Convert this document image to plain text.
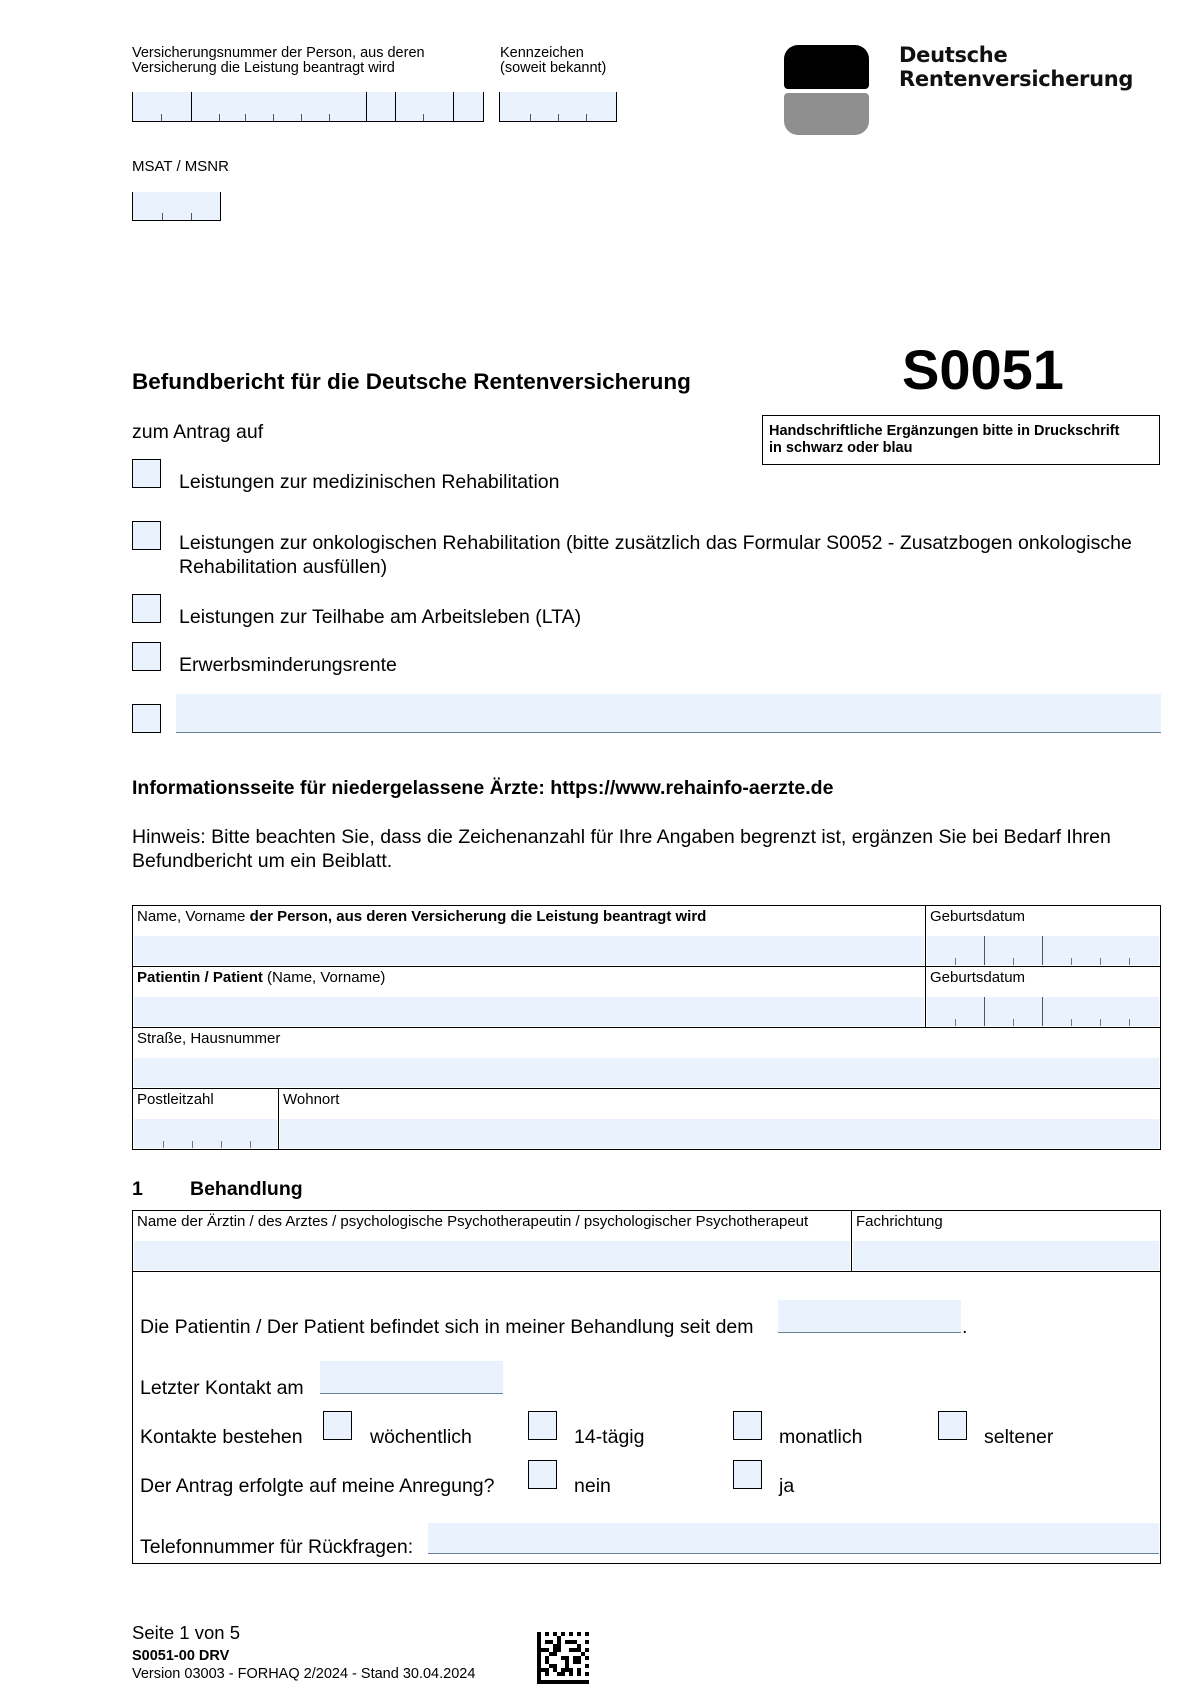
Versicherungsnummer der Person, aus deren
Versicherung die Leistung beantragt wird
Kennzeichen
(soweit bekannt)
MSAT / MSNR
Deutsche
Rentenversicherung
Befundbericht für die Deutsche Rentenversicherung	S0051
zum Antrag auf	Handschriftliche Ergänzungen bitte in Druckschrift
in schwarz oder blau
Leistungen zur medizinischen Rehabilitation
Leistungen zur onkologischen Rehabilitation (bitte zusätzlich das Formular S0052 - Zusatzbogen onkologische
Rehabilitation ausfüllen)
Leistungen zur Teilhabe am Arbeitsleben (LTA)
Erwerbsminderungsrente
Informationsseite für niedergelassene Ärzte: https://www.rehainfo-aerzte.de
Hinweis: Bitte beachten Sie, dass die Zeichenanzahl für Ihre Angaben begrenzt ist, ergänzen Sie bei Bedarf Ihren
Befundbericht um ein Beiblatt.
Name, Vorname der Person, aus deren Versicherung die Leistung beantragt wird	Geburtsdatum
Patientin / Patient (Name, Vorname)	Geburtsdatum
Straße, Hausnummer
Postleitzahl	Wohnort
1 Behandlung
Name der Ärztin / des Arztes / psychologische Psychotherapeutin / psychologischer Psychotherapeut	Fachrichtung
Die Patientin / Der Patient befindet sich in meiner Behandlung seit dem	.
Letzter Kontakt am
Kontakte bestehen	wöchentlich	14-tägig	monatlich	seltener
Der Antrag erfolgte auf meine Anregung?	nein	ja
Telefonnummer für Rückfragen:
Seite 1 von 5
S0051-00 DRV
Version 03003 - FORHAQ 2/2024 - Stand 30.04.2024
